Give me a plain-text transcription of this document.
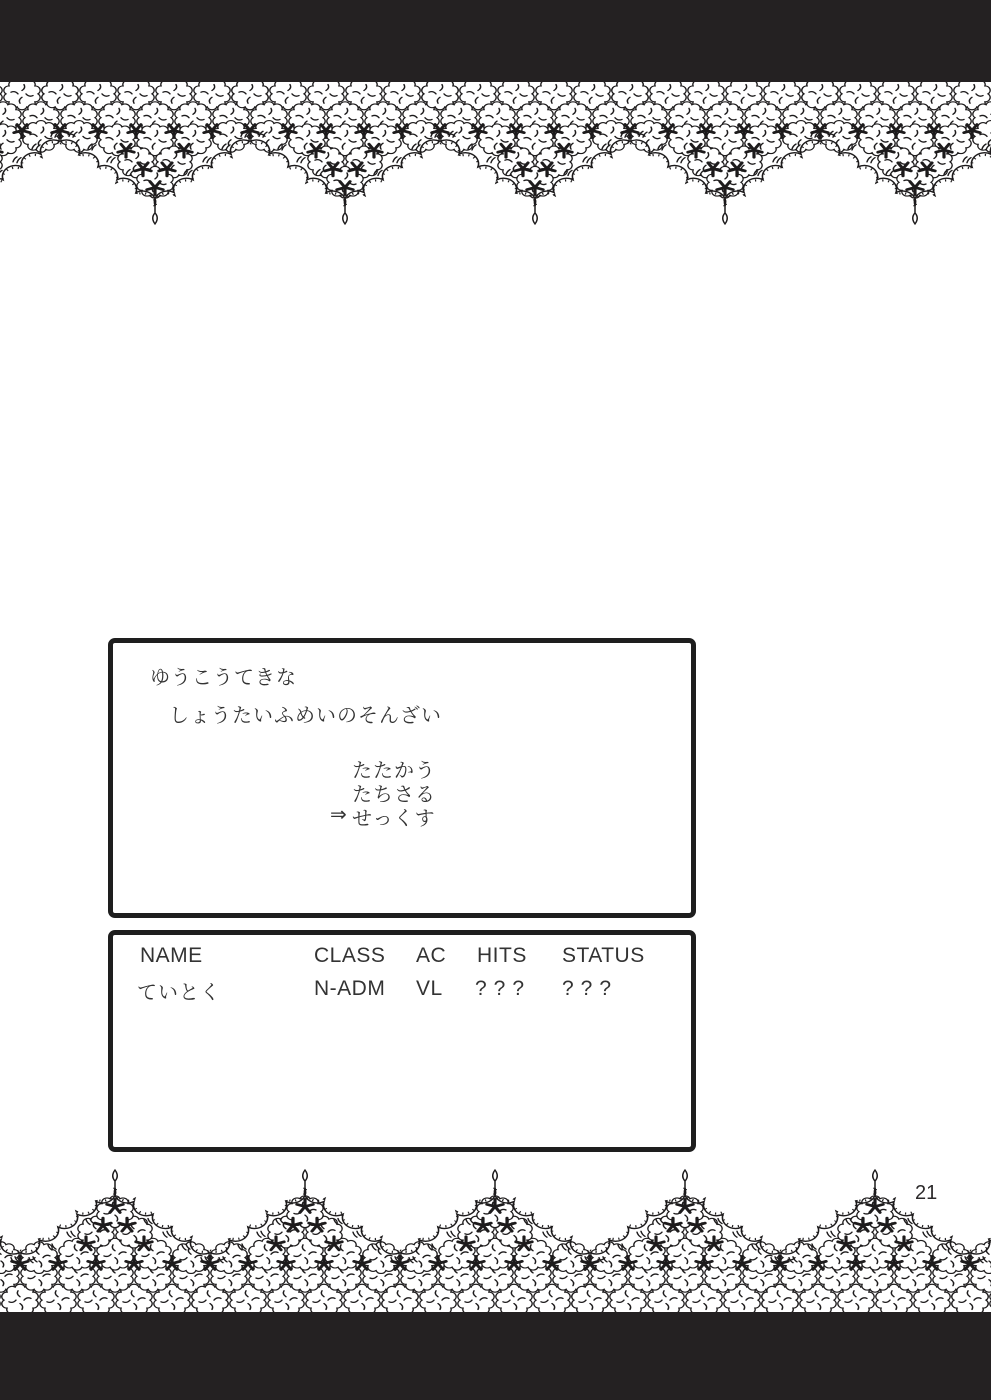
ゆうこうてきな
しょうたいふめいのそんざい
たたかう
たちさる
⇒ せっくす
NAME	CLASS AC HITS STATUS
ていとく	N-ADM VL ??? ???
21
